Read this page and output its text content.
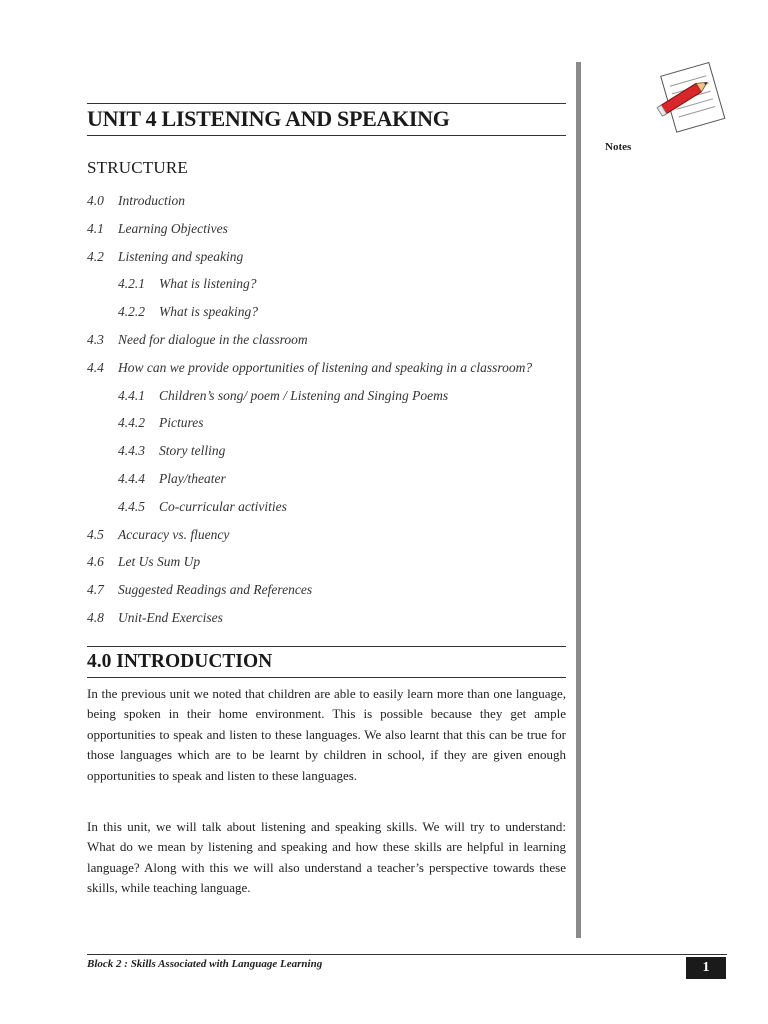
UNIT 4 LISTENING AND SPEAKING
STRUCTURE
4.0	Introduction
4.1	Learning Objectives
4.2	Listening and speaking
4.2.1	What is listening?
4.2.2	What is speaking?
4.3	Need for dialogue in the classroom
4.4	How can we provide opportunities of listening and speaking in a classroom?
4.4.1	Children’s song/ poem / Listening and Singing Poems
4.4.2	Pictures
4.4.3	Story telling
4.4.4	Play/theater
4.4.5	Co-curricular activities
4.5	Accuracy vs. fluency
4.6	Let Us Sum Up
4.7	Suggested Readings and References
4.8	Unit-End Exercises
4.0 INTRODUCTION

In the previous unit we noted that children are able to easily learn more than one language, being spoken in their home environment. This is possible because they get ample opportunities to speak and listen to these languages. We also learnt that this can be true for those languages which are to be learnt by children in school, if they are given enough opportunities to speak and listen to these languages.

In this unit, we will talk about listening and speaking skills. We will try to understand: What do we mean by listening and speaking and how these skills are helpful in learning language? Along with this we will also understand a teacher’s perspective towards these skills, while teaching language.

Notes
Block 2 : Skills Associated with Language Learning	1
